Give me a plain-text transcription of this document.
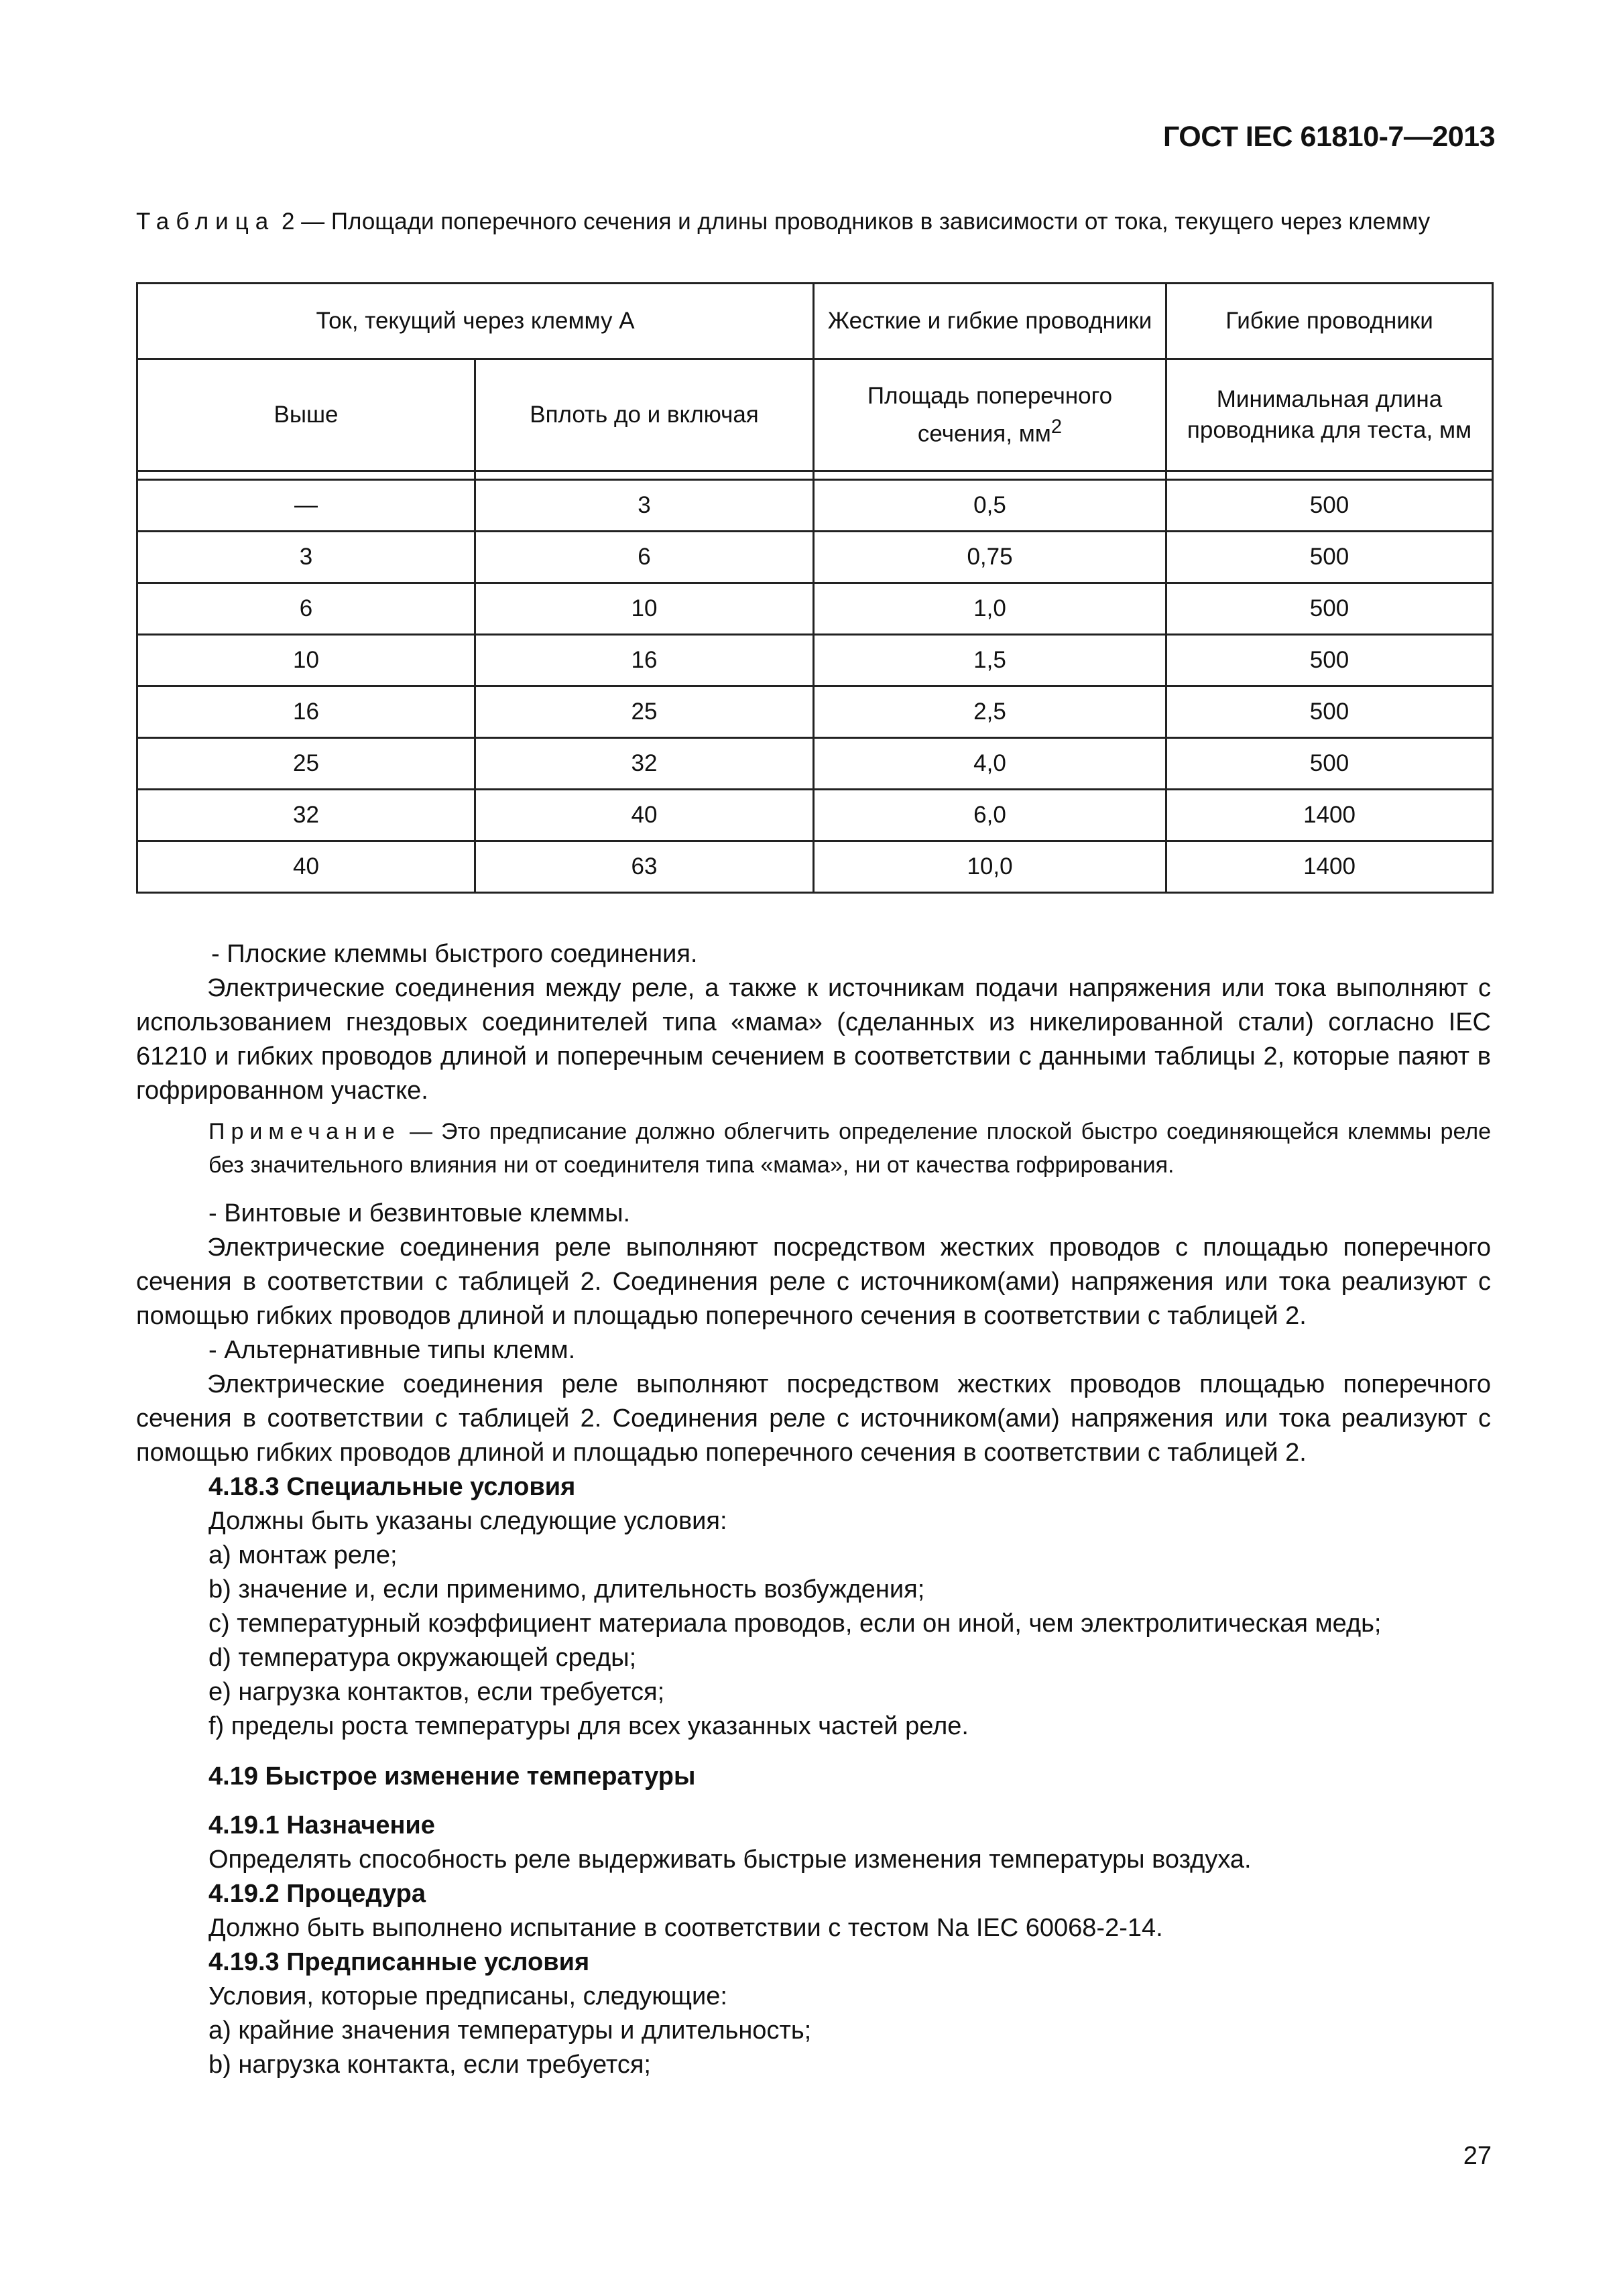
ГОСТ IEC 61810-7—2013
Таблица 2 — Площади поперечного сечения и длины проводников в зависимости от тока, текущего через клемму
Ток, текущий через клемму А		Жесткие и гибкие проводники	Гибкие проводники
Выше	Вплоть до и включая	Площадь поперечного сечения, $мм^2$	Минимальная длина проводника для теста, мм

—	3	0,5	500
3	6	0,75	500
6	10	1,0	500
10	16	1,5	500
16	25	2,5	500
25	32	4,0	500
32	40	6,0	1400
40	63	10,0	1400

- Плоские клеммы быстрого соединения.

Электрические соединения между реле, а также к источникам подачи напряжения или тока выполняют с использованием гнездовых соединителей типа «мама» (сделанных из никелированной стали) согласно IEC 61210 и гибких проводов длиной и поперечным сечением в соответствии с данными таблицы 2, которые паяют в гофрированном участке.

Примечание — Это предписание должно облегчить определение плоской быстро соединяющейся клеммы реле без значительного влияния ни от соединителя типа «мама», ни от качества гофрирования.

- Винтовые и безвинтовые клеммы.

Электрические соединения реле выполняют посредством жестких проводов с площадью поперечного сечения в соответствии с таблицей 2. Соединения реле с источником(ами) напряжения или тока реализуют с помощью гибких проводов длиной и площадью поперечного сечения в соответствии с таблицей 2.

- Альтернативные типы клемм.

Электрические соединения реле выполняют посредством жестких проводов площадью поперечного сечения в соответствии с таблицей 2. Соединения реле с источником(ами) напряжения или тока реализуют с помощью гибких проводов длиной и площадью поперечного сечения в соответствии с таблицей 2.

4.18.3 Специальные условия

Должны быть указаны следующие условия:

a) монтаж реле;

b) значение и, если применимо, длительность возбуждения;

c) температурный коэффициент материала проводов, если он иной, чем электролитическая медь;

d) температура окружающей среды;

e) нагрузка контактов, если требуется;

f) пределы роста температуры для всех указанных частей реле.

4.19 Быстрое изменение температуры

4.19.1 Назначение

Определять способность реле выдерживать быстрые изменения температуры воздуха.

4.19.2 Процедура

Должно быть выполнено испытание в соответствии с тестом Na IEC 60068-2-14.

4.19.3 Предписанные условия

Условия, которые предписаны, следующие:

a) крайние значения температуры и длительность;

b) нагрузка контакта, если требуется;

27
